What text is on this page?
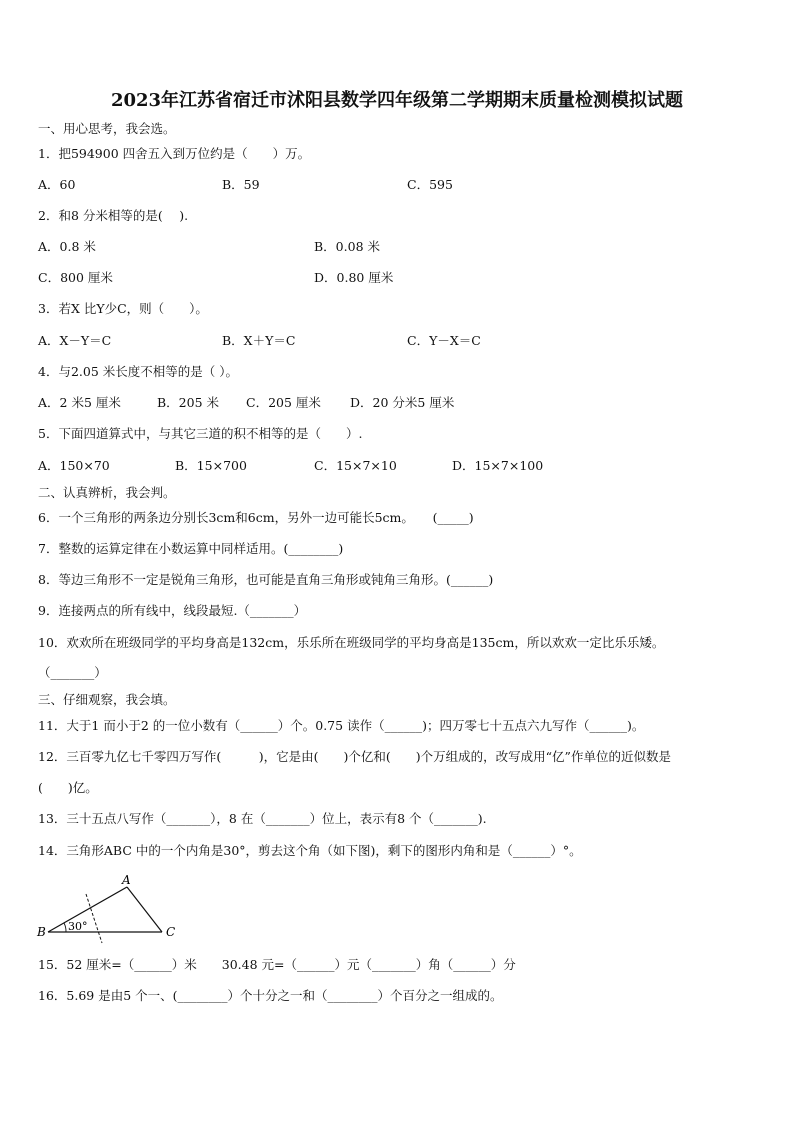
2023年江苏省宿迁市沭阳县数学四年级第二学期期末质量检测模拟试题
一、用心思考，我会选。
1．把594900 四舍五入到万位约是（　　）万。
A．60	B．59	C．595
2．和8 分米相等的是(　 ).
A．0.8 米	B．0.08 米
C．800 厘米	D．0.80 厘米
3．若X 比Y少C，则（　　）。
A．X－Y＝C	B．X＋Y＝C	C．Y－X＝C
4．与2.05 米长度不相等的是（ ）。
A．2 米5 厘米	B．205 米 C．205 厘米 D．20 分米5 厘米
5．下面四道算式中，与其它三道的积不相等的是（　　）.
A．150×70	B．15×700	C．15×7×10	D．15×7×100
二、认真辨析，我会判。
6．一个三角形的两条边分别长3cm和6cm，另外一边可能长5cm。　　(_____)
7．整数的运算定律在小数运算中同样适用。(________)
8．等边三角形不一定是锐角三角形，也可能是直角三角形或钝角三角形。(______)
9．连接两点的所有线中，线段最短.（_______）
10．欢欢所在班级同学的平均身高是132cm，乐乐所在班级同学的平均身高是135cm，所以欢欢一定比乐乐矮。
（_______）
三、仔细观察，我会填。
11．大于1 而小于2 的一位小数有（______）个。0.75 读作（______)；四万零七十五点六九写作（______)。
12．三百零九亿七千零四万写作(　　　)，它是由(　　)个亿和(　　)个万组成的，改写成用“亿”作单位的近似数是
(　　)亿。
13．三十五点八写作（_______），8 在（_______）位上，表示有8 个（_______).
14．三角形ABC 中的一个内角是30°，剪去这个角（如下图)，剩下的图形内角和是（______）°。
A
B	C
30°
15．52 厘米=（______）米　　30.48 元=（______）元（_______）角（______）分
16．5.69 是由5 个一、(________）个十分之一和（________）个百分之一组成的。
